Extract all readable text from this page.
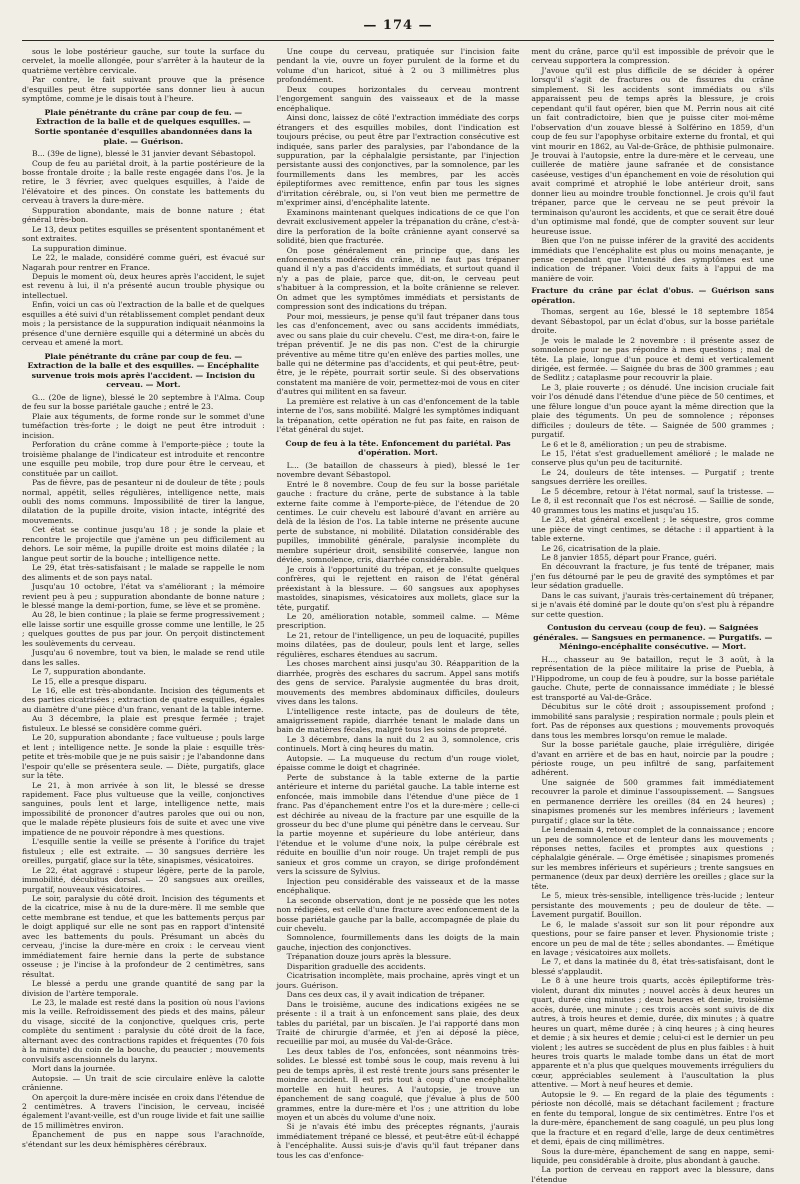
— 174 —

sous le lobe postérieur gauche, sur toute la surface du cervelet, la moelle allongée, pour s'arrêter à la hauteur de la quatrième vertèbre cervicale.

Par contre, le fait suivant prouve que la présence d'esquilles peut être supportée sans donner lieu à aucun symptôme, comme je le disais tout à l'heure.

Plaie pénétrante du crâne par coup de feu. — Extraction de la balle et de quelques esquilles. — Sortie spontanée d'esquilles abandonnées dans la plaie. — Guérison.

B... (39e de ligne), blessé le 31 janvier devant Sébastopol.

Coup de feu au pariétal droit, à la partie postérieure de la bosse frontale droite ; la balle reste engagée dans l'os. Je la retire, le 3 février, avec quelques esquilles, à l'aide de l'élévatoire et des pinces. On constate les battements du cerveau à travers la dure-mère.

Suppuration abondante, mais de bonne nature ; état général très-bon.

Le 13, deux petites esquilles se présentent spontanément et sont extraites.

La suppuration diminue.

Le 22, le malade, considéré comme guéri, est évacué sur Nagarah pour rentrer en France.

Depuis le moment où, deux heures après l'accident, le sujet est revenu à lui, il n'a présenté aucun trouble physique ou intellectuel.

Enfin, voici un cas où l'extraction de la balle et de quelques esquilles a été suivi d'un rétablissement complet pendant deux mois ; la persistance de la suppuration indiquait néanmoins la présence d'une dernière esquille qui a déterminé un abcès du cerveau et amené la mort.

Plaie pénétrante du crâne par coup de feu. — Extraction de la balle et des esquilles. — Encéphalite survenue trois mois après l'accident. — Incision du cerveau. — Mort.

G... (20e de ligne), blessé le 20 septembre à l'Alma. Coup de feu sur la bosse pariétale gauche ; entré le 23.

Plaie aux téguments, de forme ronde sur le sommet d'une tuméfaction très-forte ; le doigt ne peut être introduit : incision.

Perforation du crâne comme à l'emporte-pièce ; toute la troisième phalange de l'indicateur est introduite et rencontre une esquille peu mobile, trop dure pour être le cerveau, et constituée par un caillot.

Pas de fièvre, pas de pesanteur ni de douleur de tête ; pouls normal, appétit, selles régulières, intelligence nette, mais oubli des noms communs. Impossibilité de tirer la langue, dilatation de la pupille droite, vision intacte, intégrité des mouvements.

Cet état se continue jusqu'au 18 ; je sonde la plaie et rencontre le projectile que j'amène un peu difficilement au dehors. Le soir même, la pupille droite est moins dilatée ; la langue peut sortir de la bouche ; intelligence nette.

Le 29, état très-satisfaisant ; le malade se rappelle le nom des aliments et de son pays natal.

Jusqu'au 10 octobre, l'état va s'améliorant ; la mémoire revient peu à peu ; suppuration abondante de bonne nature ; le blessé mange la demi-portion, fume, se lève et se promène.

Au 28, le bien continue ; la plaie se ferme progressivement ; elle laisse sortir une esquille grosse comme une lentille, le 25 ; quelques gouttes de pus par jour. On perçoit distinctement les soulèvements du cerveau.

Jusqu'au 6 novembre, tout va bien, le malade se rend utile dans les salles.

Le 7, suppuration abondante.

Le 15, elle a presque disparu.

Le 16, elle est très-abondante. Incision des téguments et des parties cicatrisées ; extraction de quatre esquilles, égales au diamètre d'une pièce d'un franc, venant de la table interne.

Au 3 décembre, la plaie est presque fermée ; trajet fistuleux. Le blessé se considère comme guéri.

Le 20, suppuration abondante ; face vultueuse ; pouls large et lent ; intelligence nette. Je sonde la plaie : esquille très-petite et très-mobile que je ne puis saisir ; je l'abandonne dans l'espoir qu'elle se présentera seule. — Diète, purgatifs, glace sur la tête.

Le 21, à mon arrivée à son lit, le blessé se dresse rapidement. Face plus vultueuse que la veille, conjonctives sanguines, pouls lent et large, intelligence nette, mais impossibilité de prononcer d'autres paroles que oui ou non, que le malade répète plusieurs fois de suite et avec une vive impatience de ne pouvoir répondre à mes questions.

L'esquille sentie la veille se présente à l'orifice du trajet fistuleux ; elle est extraite. — 30 sangsues derrière les oreilles, purgatif, glace sur la tête, sinapismes, vésicatoires.

Le 22, état aggravé : stupeur légère, perte de la parole, immobilité, décubitus dorsal. — 20 sangsues aux oreilles, purgatif, nouveaux vésicatoires.

Le soir, paralysie du côté droit. Incision des téguments et de la cicatrice, mise à nu de la dure-mère. Il me semble que cette membrane est tendue, et que les battements perçus par le doigt appliqué sur elle ne sont pas en rapport d'intensité avec les battements du pouls. Présumant un abcès du cerveau, j'incise la dure-mère en croix : le cerveau vient immédiatement faire hernie dans la perte de substance osseuse ; je l'incise à la profondeur de 2 centimètres, sans résultat.

Le blessé a perdu une grande quantité de sang par la division de l'artère temporale.

Le 23, le malade est resté dans la position où nous l'avions mis la veille. Refroidissement des pieds et des mains, pâleur du visage, siccité de la conjonctive, quelques cris, perte complète du sentiment : paralysie du côté droit de la face, alternant avec des contractions rapides et fréquentes (70 fois à la minute) du coin de la bouche, du peaucier ; mouvements convulsifs ascensionnels du larynx.

Mort dans la journée.

Autopsie. — Un trait de scie circulaire enlève la calotte crânienne.

On aperçoit la dure-mère incisée en croix dans l'étendue de 2 centimètres. A travers l'incision, le cerveau, inciséé également l'avant-veille, est d'un rouge livide et fait une saillie de 15 millimètres environ.

Épanchement de pus en nappe sous l'arachnoïde, s'étendant sur les deux hémisphères cérébraux.

Une coupe du cerveau, pratiquée sur l'incision faite pendant la vie, ouvre un foyer purulent de la forme et du volume d'un haricot, situé à 2 ou 3 millimètres plus profondément.

Deux coupes horizontales du cerveau montrent l'engorgement sanguin des vaisseaux et de la masse encéphalique.

Ainsi donc, laissez de côté l'extraction immédiate des corps étrangers et des esquilles mobiles, dont l'indication est toujours précise, ou peut être par l'extraction consécutive est indiquée, sans parler des paralysies, par l'abondance de la suppuration, par la céphalalgie persistante, par l'injection persistante aussi des conjonctives, par la somnolence, par les fourmillements dans les membres, par les accès épileptiformes avec remittence, enfin par tous les signes d'irritation cérébrale, ou, si l'on veut bien me permettre de m'exprimer ainsi, d'encéphalite latente.

Examinons maintenant quelques indications de ce que l'on devrait exclusivement appeler la trépanation du crâne, c'est-à-dire la perforation de la boîte crânienne ayant conservé sa solidité, bien que fracturée.

On pose généralement en principe que, dans les enfoncements modérés du crâne, il ne faut pas trépaner quand il n'y a pas d'accidents immédiats, et surtout quand il n'y a pas de plaie, parce que, dit-on, le cerveau peut s'habituer à la compression, et la boîte crânienne se relever. On admet que les symptômes immédiats et persistants de compression sont des indications du trépan.

Pour moi, messieurs, je pense qu'il faut trépaner dans tous les cas d'enfoncement, avec ou sans accidents immédiats, avec ou sans plaie du cuir chevelu. C'est, me dira-t-on, faire le trépan préventif. Je ne dis pas non. C'est de la chirurgie préventive au même titre qu'en enlève des parties molles, une balle qui ne détermine pas d'accidents, et qui peut-être, peut-être, je le répète, pourrait sortir seule. Si des observations constatent ma manière de voir, permettez-moi de vous en citer d'autres qui militent en sa faveur.

La première est relative à un cas d'enfoncement de la table interne de l'os, sans mobilité. Malgré les symptômes indiquant la trépanation, cette opération ne fut pas faite, en raison de l'état général du sujet.

Coup de feu à la tête. Enfoncement du pariétal. Pas d'opération. Mort.

L... (3e bataillon de chasseurs à pied), blessé le 1er novembre devant Sébastopol.

Entré le 8 novembre. Coup de feu sur la bosse pariétale gauche : fracture du crâne, perte de substance à la table externe faite comme à l'emporte-pièce, de l'étendue de 20 centimes. Le cuir chevelu est labouré d'avant en arrière au delà de la lésion de l'os. La table interne ne présente aucune perte de substance, ni mobilité. Dilatation considérable des pupilles, immobilité générale, paralysie incomplète du membre supérieur droit, sensibilité conservée, langue non déviée, somnolence, cris, diarrhée considérable.

Je crois à l'opportunité du trépan, et je consulte quelques confrères, qui le rejettent en raison de l'état général préexistant à la blessure. — 60 sangsues aux apophyses mastoïdes, sinapismes, vésicatoires aux mollets, glace sur la tête, purgatif.

Le 20, amélioration notable, sommeil calme. — Même prescription.

Le 21, retour de l'intelligence, un peu de loquacité, pupilles moins dilatées, pas de douleur, pouls lent et large, selles régulières, eschares étendues au sacrum.

Les choses marchent ainsi jusqu'au 30. Réapparition de la diarrhée, progrès des eschares du sacrum. Appel sans motifs des gens de service. Paralysie augmentée du bras droit, mouvements des membres abdominaux difficiles, douleurs vives dans les talons.

L'intelligence reste intacte, pas de douleurs de tête, amaigrissement rapide, diarrhée tenant le malade dans un bain de matières fécales, malgré tous les soins de propreté.

Le 3 décembre, dans la nuit du 2 au 3, somnolence, cris continuels. Mort à cinq heures du matin.

Autopsie. — La muqueuse du rectum d'un rouge violet, épaisse comme le doigt et chagrinée.

Perte de substance à la table externe de la partie antérieure et interne du pariétal gauche. La table interne est enfoncée, mais immobile dans l'étendue d'une pièce de 1 franc. Pas d'épanchement entre l'os et la dure-mère ; celle-ci est déchirée au niveau de la fracture par une esquille de la grosseur du bec d'une plume qui pénètre dans le cerveau. Sur la partie moyenne et supérieure du lobe antérieur, dans l'étendue et le volume d'une noix, la pulpe cérébrale est réduite en bouillie d'un noir rouge. Un trajet rempli de pus sanieux et gros comme un crayon, se dirige profondément vers la scissure de Sylvius.

Injection peu considérable des vaisseaux et de la masse encéphalique.

La seconde observation, dont je ne possède que les notes non rédigées, est celle d'une fracture avec enfoncement de la bosse pariétale gauche par la balle, accompagnée de plaie du cuir chevelu.

Somnolence, fourmillements dans les doigts de la main gauche, injection des conjonctives.

Trépanation douze jours après la blessure.

Disparition graduelle des accidents.

Cicatrisation incomplète, mais prochaine, après vingt et un jours. Guérison.

Dans ces deux cas, il y avait indication de trépaner.

Dans le troisième, aucune des indications exigées ne se présente : il a trait à un enfoncement sans plaie, des deux tables du pariétal, par un biscaïen. Je l'ai rapporté dans mon Traité de chirurgie d'armée, et j'en ai déposé la pièce, recueillie par moi, au musée du Val-de-Grâce.

Les deux tables de l'os, enfoncées, sont néanmoins très-solides. Le blessé est tombé sous le coup, mais revenu à lui peu de temps après, il est resté trente jours sans présenter le moindre accident. Il est pris tout à coup d'une encéphalite mortelle en huit heures. A l'autopsie, je trouve un épanchement de sang coagulé, que j'évalue à plus de 500 grammes, entre la dure-mère et l'os ; une attrition du lobe moyen et un abcès du volume d'une noix.

Si je n'avais été imbu des préceptes régnants, j'aurais immédiatement trépané ce blessé, et peut-être eût-il échappé à l'encéphalite. Aussi suis-je d'avis qu'il faut trépaner dans tous les cas d'enfonce-

ment du crâne, parce qu'il est impossible de prévoir que le cerveau supportera la compression.

J'avoue qu'il est plus difficile de se décider à opérer lorsqu'il s'agit de fractures ou de fissures du crâne simplement. Si les accidents sont immédiats ou s'ils apparaissent peu de temps après la blessure, je crois cependant qu'il faut opérer, bien que M. Perrin nous ait cité un fait contradictoire, bien que je puisse citer moi-même l'observation d'un zouave blessé à Solférino en 1859, d'un coup de feu sur l'apophyse orbitaire externe du frontal, et qui vint mourir en 1862, au Val-de-Grâce, de phthisie pulmonaire. Je trouvai à l'autopsie, entre la dure-mère et le cerveau, une cuillerée de matière jaune safranée et de consistance caséeuse, vestiges d'un épanchement en voie de résolution qui avait comprimé et atrophié le lobe antérieur droit, sans donner lieu au moindre trouble fonctionnel. Je crois qu'il faut trépaner, parce que le cerveau ne se peut prévoir la terminaison qu'auront les accidents, et que ce serait être doué d'un optimisme mal fondé, que de compter souvent sur leur heureuse issue.

Bien que l'on ne puisse inférer de la gravité des accidents immédiats que l'encéphalite est plus ou moins menaçante, je pense cependant que l'intensité des symptômes est une indication de trépaner. Voici deux faits à l'appui de ma manière de voir.

Fracture du crâne par éclat d'obus. — Guérison sans opération.

Thomas, sergent au 16e, blessé le 18 septembre 1854 devant Sébastopol, par un éclat d'obus, sur la bosse pariétale droite.

Je vois le malade le 2 novembre : il présente assez de somnolence pour ne pas répondre à mes questions ; mal de tête. La plaie, longue d'un pouce et demi et verticalement dirigée, est fermée. — Saignée du bras de 300 grammes ; eau de Sedlitz ; cataplasme pour recouvrir la plaie.

Le 3, plaie rouverte ; os dénudé. Une incision cruciale fait voir l'os dénudé dans l'étendue d'une pièce de 50 centimes, et une fêlure longue d'un pouce ayant la même direction que la plaie des téguments. Un peu de somnolence ; réponses difficiles ; douleurs de tête. — Saignée de 500 grammes ; purgatif.

Le 6 et le 8, amélioration ; un peu de strabisme.

Le 15, l'état s'est graduellement amélioré ; le malade ne conserve plus qu'un peu de taciturnité.

Le 24, douleurs de tête intenses. — Purgatif ; trente sangsues derrière les oreilles.

Le 5 décembre, retour à l'état normal, sauf la tristesse. — Le 8, il est reconnaît que l'os est nécrosé. — Saillie de sonde, 40 grammes tous les matins et jusqu'au 15.

Le 23, état général excellent ; le séquestre, gros comme une pièce de vingt centimes, se détache : il appartient à la table externe.

Le 26, cicatrisation de la plaie.

Le 8 janvier 1855, départ pour France, guéri.

En découvrant la fracture, je fus tenté de trépaner, mais j'en fus détourné par le peu de gravité des symptômes et par leur sédation graduelle.

Dans le cas suivant, j'aurais très-certainement dû trépaner, si je n'avais été dominé par le doute qu'on s'est plu à répandre sur cette question.

Contusion du cerveau (coup de feu). — Saignées générales. — Sangsues en permanence. — Purgatifs. — Méningo-encéphalite consécutive. — Mort.

H..., chasseur au 9e bataillon, reçut le 3 août, à la représentation de la pièce militaire la prise de Puebla, à l'Hippodrome, un coup de feu à poudre, sur la bosse pariétale gauche. Chute, perte de connaissance immédiate ; le blessé est transporté au Val-de-Grâce.

Décubitus sur le côté droit ; assoupissement profond ; immobilité sans paralysie ; respiration normale ; pouls plein et fort. Pas de réponses aux questions ; mouvements provoqués dans tous les membres lorsqu'on remue le malade.

Sur la bosse pariétale gauche, plaie irrégulière, dirigée d'avant en arrière et de bas en haut, noircie par la poudre ; périoste rouge, un peu infiltré de sang, parfaitement adhérent.

Une saignée de 500 grammes fait immédiatement recouvrer la parole et diminue l'assoupissement. — Sangsues en permanence derrière les oreilles (84 en 24 heures) ; sinapismes promenés sur les membres inférieurs ; lavement purgatif ; glace sur la tête.

Le lendemain 4, retour complet de la connaissance ; encore un peu de somnolence et de lenteur dans les mouvements ; réponses nettes, faciles et promptes aux questions ; céphalalgie générale. — Orge émétisée ; sinapismes promenés sur les membres inférieurs et supérieurs ; trente sangsues en permanence (deux par deux) derrière les oreilles ; glace sur la tête.

Le 5, mieux très-sensible, intelligence très-lucide ; lenteur persistante des mouvements ; peu de douleur de tête. — Lavement purgatif. Bouillon.

Le 6, le malade s'assoit sur son lit pour répondre aux questions, pour se faire panser et lever. Physionomie triste ; encore un peu de mal de tête ; selles abondantes. — Émétique en lavage ; vésicatoires aux mollets.

Le 7, et dans la matinée du 8, état très-satisfaisant, dont le blessé s'applaudit.

Le 8 à une heure trois quarts, accès épileptiforme très-violent, durant dix minutes ; nouvel accès à deux heures un quart, durée cinq minutes ; deux heures et demie, troisième accès, durée, une minute ; ces trois accès sont suivis de dix autres, à trois heures et demie, durée, dix minutes ; à quatre heures un quart, même durée ; à cinq heures ; à cinq heures et demie ; à six heures et demie ; celui-ci est le dernier un peu violent ; les autres se succèdent de plus en plus faibles : à huit heures trois quarts le malade tombe dans un état de mort apparente et n'a plus que quelques mouvements irréguliers du cœur, appréciables seulement à l'auscultation la plus attentive. — Mort à neuf heures et demie.

Autopsie le 9. — En regard de la plaie des téguments : périoste non décollé, mais se détachant facilement ; fracture en fente du temporal, longue de six centimètres. Entre l'os et la dure-mère, épanchement de sang coagulé, un peu plus long que la fracture et en regard d'elle, large de deux centimètres et demi, épais de cinq millimètres.

Sous la dure-mère, épanchement de sang en nappe, semi-liquide, peu considérable à droite, plus abondant à gauche.

La portion de cerveau en rapport avec la blessure, dans l'étendue
